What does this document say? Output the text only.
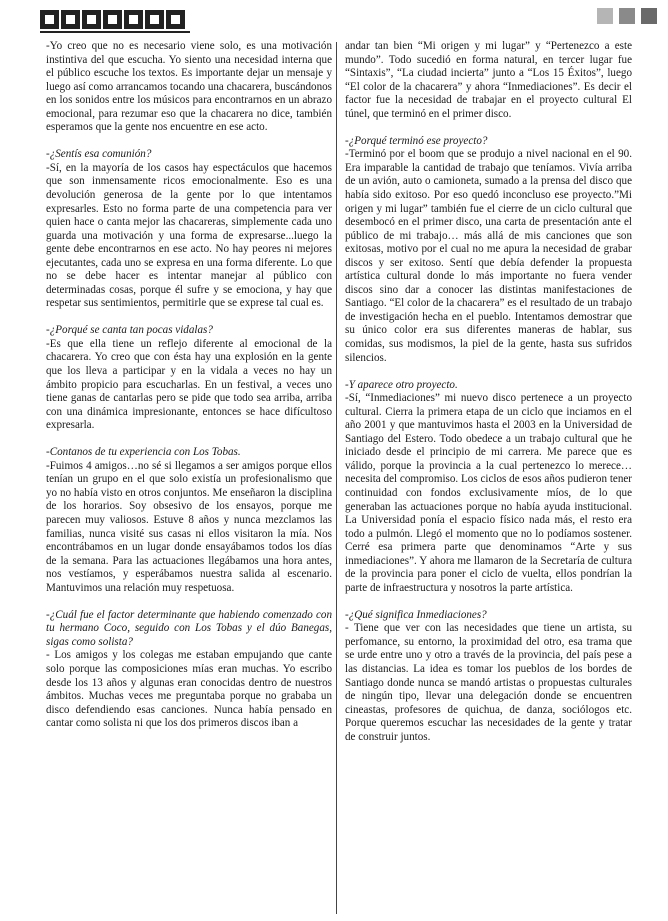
-Yo creo que no es necesario viene solo, es una motivación instintiva del que escucha. Yo siento una necesidad interna que el público escuche los textos. Es importante dejar un mensaje y luego así como arrancamos tocando una chacarera, buscándonos en los sonidos entre los músicos para encontrarnos en un abrazo emocional, para rezumar eso que la chacarera no dice, también esperamos que la gente nos encuentre en ese acto.

-¿Sentís esa comunión?

-Sí, en la mayoría de los casos hay espectáculos que hacemos que son inmensamente ricos emocionalmente. Eso es una devolución generosa de la gente por lo que intentamos expresarles. Esto no forma parte de una competencia para ver quien hace o canta mejor las chacareras, simplemente cada uno guarda una motivación y una forma de expresarse...luego la gente debe encontrarnos en ese acto. No hay peores ni mejores ejecutantes, cada uno se expresa en una forma diferente. Lo que no se debe hacer es intentar manejar al público con determinadas cosas, porque él sufre y se emociona, y hay que respetar sus sentimientos, permitirle que se exprese tal cual es.

-¿Porqué se canta tan pocas vidalas?

-Es que ella tiene un reflejo diferente al emocional de la chacarera. Yo creo que con ésta hay una explosión en la gente que los lleva a participar y en la vidala a veces no hay un ámbito propicio para escucharlas. En un festival, a veces uno tiene ganas de cantarlas pero se pide que todo sea arriba, arriba con una dinámica impresionante, entonces se hace difícultoso expresarla.

-Contanos de tu experiencia con Los Tobas.

-Fuimos 4 amigos…no sé si llegamos a ser amigos porque ellos tenían un grupo en el que solo existía un profesionalismo que yo no había visto en otros conjuntos. Me enseñaron la disciplina de los horarios. Soy obsesivo de los ensayos, porque me parecen muy valiosos. Estuve 8 años y nunca mezclamos las familias, nunca visité sus casas ni ellos visitaron la mía. Nos encontrábamos en un lugar donde ensayábamos todos los días de la semana. Para las actuaciones llegábamos una hora antes, nos vestíamos, y esperábamos nuestra salida al escenario. Mantuvimos una relación muy respetuosa.

-¿Cuál fue el factor determinante que habiendo comenzado con tu hermano Coco, seguido con Los Tobas y el dúo Banegas, sigas como solista?

- Los amigos y los colegas me estaban empujando que cante solo porque las composiciones mías eran muchas. Yo escribo desde los 13 años y algunas eran conocidas dentro de nuestros ámbitos. Muchas veces me preguntaba porque no grababa un disco defendiendo esas canciones. Nunca había pensado en cantar como solista ni que los dos primeros discos iban a

andar tan bien “Mi origen y mi lugar” y “Pertenezco a este mundo”. Todo sucedió en forma natural, en tercer lugar fue “Sintaxis”, “La ciudad incierta” junto a “Los 15 Éxitos”, luego “El color de la chacarera” y ahora “Inmediaciones”. Es decir el factor fue la necesidad de trabajar en el proyecto cultural El túnel, que terminó en el primer disco.

-¿Porqué terminó ese proyecto?

-Terminó por el boom que se produjo a nivel nacional en el 90. Era imparable la cantidad de trabajo que teníamos. Vivía arriba de un avión, auto o camioneta, sumado a la prensa del disco que había sido exitoso. Por eso quedó inconcluso ese proyecto.”Mi origen y mi lugar” también fue el cierre de un ciclo cultural que desembocó en el primer disco, una carta de presentación ante el público de mi trabajo… más allá de mis canciones que son exitosas, motivo por el cual no me apura la necesidad de grabar discos y ser exitoso. Sentí que debía defender la propuesta artística cultural donde lo más importante no fuera vender discos sino dar a conocer las distintas manifestaciones de Santiago. “El color de la chacarera” es el resultado de un trabajo de investigación hecha en el pueblo. Intentamos demostrar que su único color era sus diferentes maneras de hablar, sus comidas, sus modismos, la piel de la gente, hasta sus sufridos silencios.

-Y aparece otro proyecto.

-Sí, “Inmediaciones” mi nuevo disco pertenece a un proyecto cultural. Cierra la primera etapa de un ciclo que inciamos en el año 2001 y que mantuvimos hasta el 2003 en la Universidad de Santiago del Estero. Todo obedece a un trabajo cultural que he iniciado desde el principio de mi carrera. Me parece que es válido, porque la provincia a la cual pertenezco lo merece… necesita del compromiso. Los ciclos de esos años pudieron tener continuidad con fondos exclusivamente míos, de lo que generaban las actuaciones porque no había ayuda institucional. La Universidad ponía el espacio físico nada más, el resto era todo a pulmón. Llegó el momento que no lo podíamos sostener. Cerré esa primera parte que denominamos “Arte y sus inmediaciones”. Y ahora me llamaron de la Secretaría de cultura de la provincia para poner el ciclo de vuelta, ellos pondrían la parte de infraestructura y nosotros la parte artística.

-¿Qué significa Inmediaciones?

- Tiene que ver con las necesidades que tiene un artista, su perfomance, su entorno, la proximidad del otro, esa trama que se urde entre uno y otro a través de la provincia, del país pese a las distancias. La idea es tomar los pueblos de los bordes de Santiago donde nunca se mandó artistas o propuestas culturales de ningún tipo, llevar una delegación donde se encuentren cineastas, profesores de quichua, de danza, sociólogos etc. Porque queremos escuchar las necesidades de la gente y tratar de construir juntos.
